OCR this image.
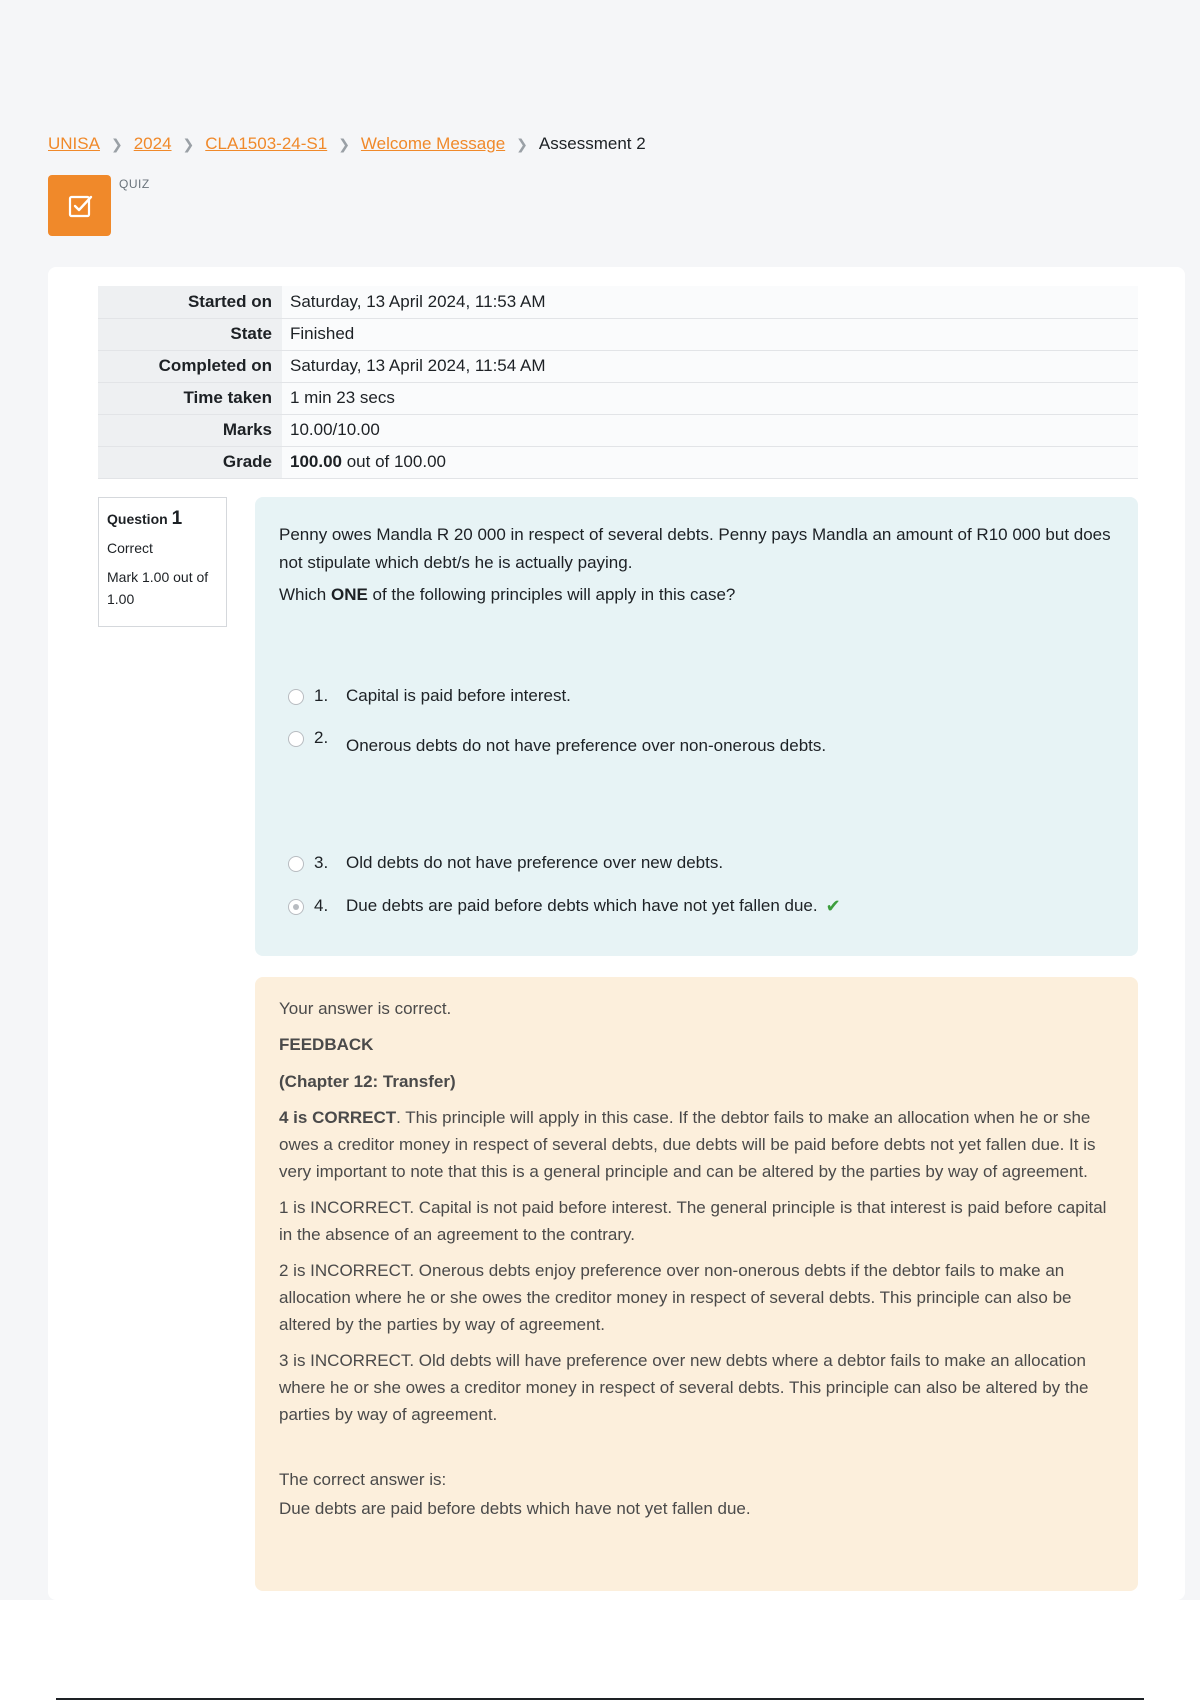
UNISA ❯ 2024 ❯ CLA1503-24-S1 ❯ Welcome Message ❯ Assessment 2
QUIZ
Started on	Saturday, 13 April 2024, 11:53 AM
State	Finished
Completed on	Saturday, 13 April 2024, 11:54 AM
Time taken	1 min 23 secs
Marks	10.00/10.00
Grade	100.00 out of 100.00
Question 1
Correct
Mark 1.00 out of 1.00

Penny owes Mandla R 20 000 in respect of several debts. Penny pays Mandla an amount of R10 000 but does not stipulate which debt/s he is actually paying.

Which ONE of the following principles will apply in this case?

1.	Capital is paid before interest.
2.	Onerous debts do not have preference over non-onerous debts.
3.	Old debts do not have preference over new debts.
4.	Due debts are paid before debts which have not yet fallen due. ✔

Your answer is correct.

FEEDBACK

(Chapter 12: Transfer)

4 is CORRECT. This principle will apply in this case. If the debtor fails to make an allocation when he or she owes a creditor money in respect of several debts, due debts will be paid before debts not yet fallen due. It is very important to note that this is a general principle and can be altered by the parties by way of agreement.

1 is INCORRECT. Capital is not paid before interest. The general principle is that interest is paid before capital in the absence of an agreement to the contrary.

2 is INCORRECT. Onerous debts enjoy preference over non-onerous debts if the debtor fails to make an allocation where he or she owes the creditor money in respect of several debts. This principle can also be altered by the parties by way of agreement.

3 is INCORRECT. Old debts will have preference over new debts where a debtor fails to make an allocation where he or she owes a creditor money in respect of several debts. This principle can also be altered by the parties by way of agreement.

The correct answer is:

Due debts are paid before debts which have not yet fallen due.
